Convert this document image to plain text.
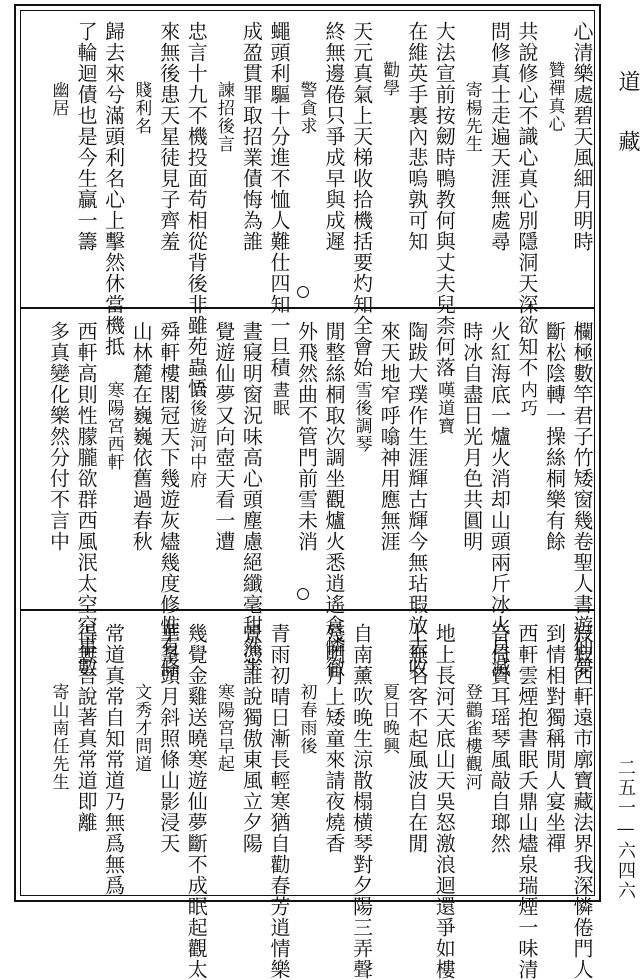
心清樂處碧天風細月明時
贊禪真心
共說修心不識心真心別隱洞天深欲知不
問修真士走遍天涯無處尋
寄楊先生
大法宣前按劒時鴨教何與丈夫兒柰何落
在維英手裏內悲嗚孰可知
勸學
天元真氣上天梯收拾機括要灼知全會始
終無邊倦只爭成早與成遲
警貪求
蠅頭利驅十分進不恤人難仕四知一旦積
成盈貫罪取招業債悔為誰
諫招後言
忠言十九不機投面苟相從背後非雖苑蟲悟
來無後患天星徒見子齊羞
賤利名
歸去來兮滿頭利名心上擊然休當機抵
了輪迴債也是今生贏一籌
幽居
欄極數竿君子竹矮窗幾卷聖人書遊仙夢
斷松陰轉一操絲桐樂有餘
内巧
火紅海底一爐火消却山頭兩斤冰火自滅
時冰自盡日光月色共圓明
嘆道寶
陶跋大璞作生涯輝古輝今無玷瑕放去收
來天地窄呼噏神用應無涯
雪後調琴
閒整絲桐取次調坐觀爐火悉逍遙倉憐徹
外飛然曲不管門前雪未消
晝眠
晝寢明窗況味高心頭塵慮絕纖毫甜然半
覺遊仙夢又向壺天看一遭
兵後遊河中府
舜軒樓閣冠天下幾遊灰燼幾度修惟有條
山林麓在巍巍依舊過春秋
寒陽宮西軒
西軒高則性朦朧欲群西風泯太空空事數
多真變化樂然分付不言中
寂寂西軒遠市廓寶藏法界我深憐倦門人
到情相對獨稱閒人宴坐禪
西軒雲煙抱書眠夭鼎山燼泉瑞煙一味清
音倚貴耳瑶琴風敲自瑯然
登鸛雀樓觀河
地上長河天底山天吳怒激浪迴還爭如樓
上無名客不起風波自在閒
夏日晚興
自南薰吹晚生涼散榻横琴對夕陽三弄聲
殘明月上矮童來請夜燒香
初春雨後
青雨初晴日漸長輕寒猶自勸春芳逍情樂
景憑誰說獨傲東風立夕陽
寒陽宮早起
幾覺金雞送曉寒遊仙夢斷不成眠起觀太
華峯頭月斜照條山影浸天
文秀才問道
常道真常自知常道乃無爲無爲
得無言說著真常道即離
寄山南任先生
道
藏
二五一—六四六
